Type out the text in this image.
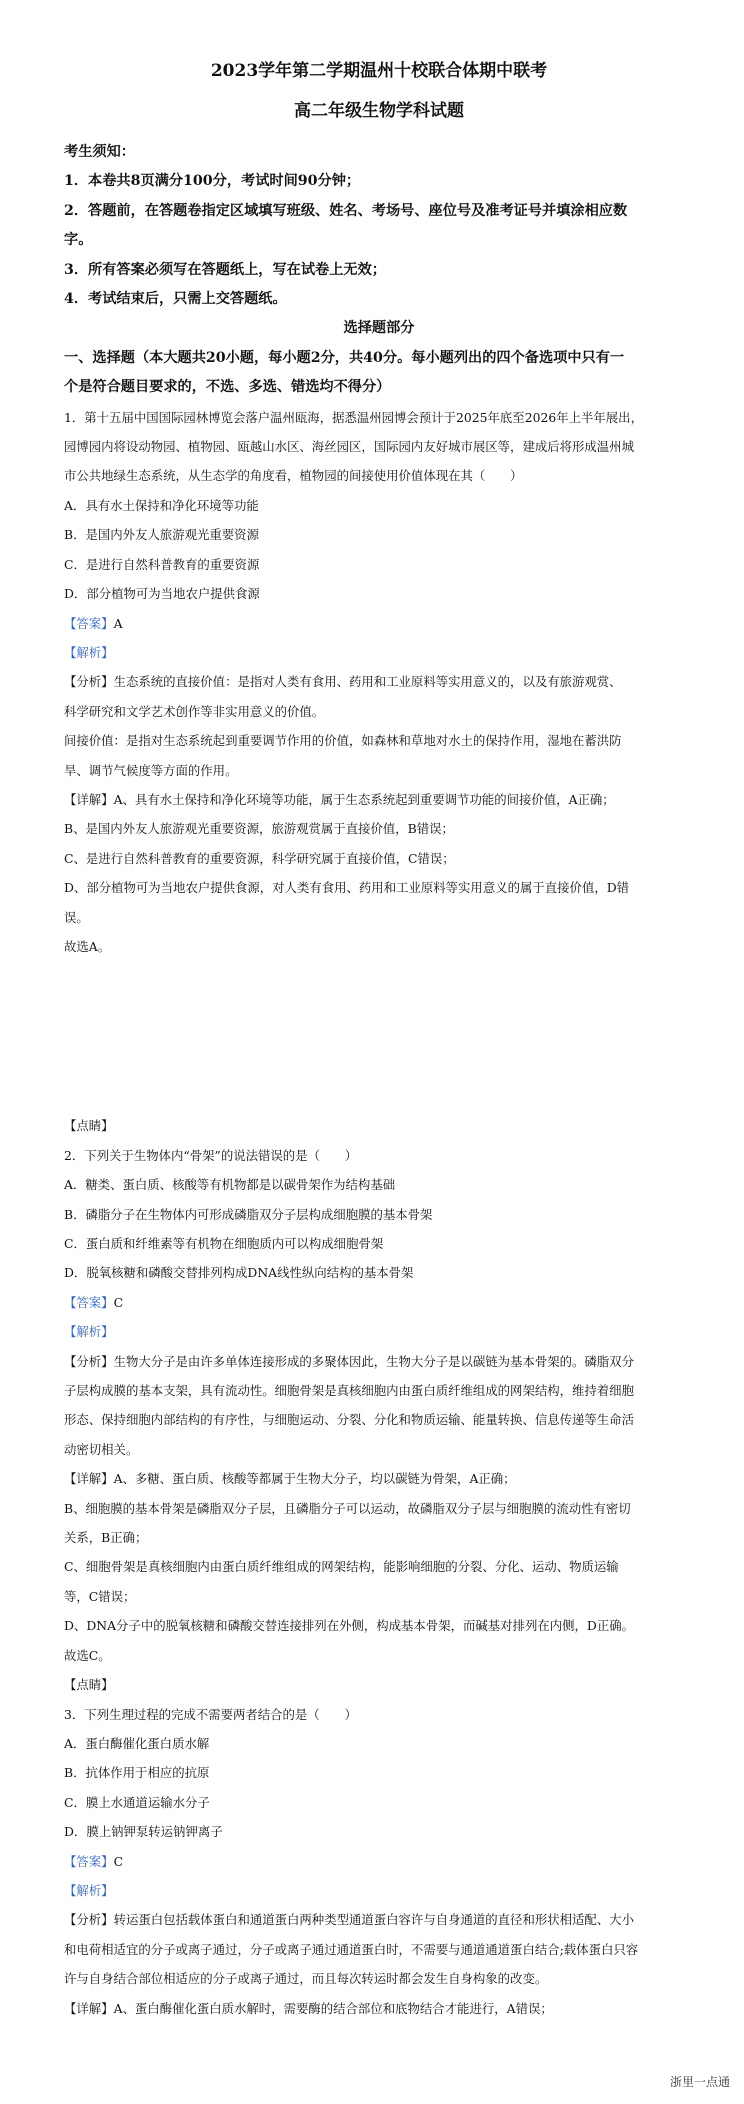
2023学年第二学期温州十校联合体期中联考
高二年级生物学科试题

考生须知：

1．本卷共8页满分100分，考试时间90分钟；

2．答题前，在答题卷指定区域填写班级、姓名、考场号、座位号及准考证号并填涂相应数

字。

3．所有答案必须写在答题纸上，写在试卷上无效；

4．考试结束后，只需上交答题纸。

选择题部分

一、选择题（本大题共20小题，每小题2分，共40分。每小题列出的四个备选项中只有一

个是符合题目要求的，不选、多选、错选均不得分）

1．第十五届中国国际园林博览会落户温州瓯海，据悉温州园博会预计于2025年底至2026年上半年展出，

园博园内将设动物园、植物园、瓯越山水区、海丝园区，国际园内友好城市展区等，建成后将形成温州城

市公共地绿生态系统，从生态学的角度看，植物园的间接使用价值体现在其（　　）

A．具有水土保持和净化环境等功能

B．是国内外友人旅游观光重要资源

C．是进行自然科普教育的重要资源

D．部分植物可为当地农户提供食源

【答案】A

【解析】

【分析】生态系统的直接价值：是指对人类有食用、药用和工业原料等实用意义的，以及有旅游观赏、

科学研究和文学艺术创作等非实用意义的价值。

间接价值：是指对生态系统起到重要调节作用的价值，如森林和草地对水土的保持作用，湿地在蓄洪防

旱、调节气候度等方面的作用。

【详解】A、具有水土保持和净化环境等功能，属于生态系统起到重要调节功能的间接价值，A正确；

B、是国内外友人旅游观光重要资源，旅游观赏属于直接价值，B错误；

C、是进行自然科普教育的重要资源，科学研究属于直接价值，C错误；

D、部分植物可为当地农户提供食源，对人类有食用、药用和工业原料等实用意义的属于直接价值，D错

误。

故选A。

【点睛】

2．下列关于生物体内“骨架”的说法错误的是（　　）

A．糖类、蛋白质、核酸等有机物都是以碳骨架作为结构基础

B．磷脂分子在生物体内可形成磷脂双分子层构成细胞膜的基本骨架

C．蛋白质和纤维素等有机物在细胞质内可以构成细胞骨架

D．脱氧核糖和磷酸交替排列构成DNA线性纵向结构的基本骨架

【答案】C

【解析】

【分析】生物大分子是由许多单体连接形成的多聚体因此，生物大分子是以碳链为基本骨架的。磷脂双分

子层构成膜的基本支架，具有流动性。细胞骨架是真核细胞内由蛋白质纤维组成的网架结构，维持着细胞

形态、保持细胞内部结构的有序性，与细胞运动、分裂、分化和物质运输、能量转换、信息传递等生命活

动密切相关。

【详解】A、多糖、蛋白质、核酸等都属于生物大分子，均以碳链为骨架，A正确；

B、细胞膜的基本骨架是磷脂双分子层，且磷脂分子可以运动，故磷脂双分子层与细胞膜的流动性有密切

关系，B正确；

C、细胞骨架是真核细胞内由蛋白质纤维组成的网架结构，能影响细胞的分裂、分化、运动、物质运输

等，C错误；

D、DNA分子中的脱氧核糖和磷酸交替连接排列在外侧，构成基本骨架，而碱基对排列在内侧，D正确。

故选C。

【点睛】

3．下列生理过程的完成不需要两者结合的是（　　）

A．蛋白酶催化蛋白质水解

B．抗体作用于相应的抗原

C．膜上水通道运输水分子

D．膜上钠钾泵转运钠钾离子

【答案】C

【解析】

【分析】转运蛋白包括载体蛋白和通道蛋白两种类型通道蛋白容许与自身通道的直径和形状相适配、大小

和电荷相适宜的分子或离子通过，分子或离子通过通道蛋白时，不需要与通道通道蛋白结合;载体蛋白只容

许与自身结合部位相适应的分子或离子通过，而且每次转运时都会发生自身构象的改变。

【详解】A、蛋白酶催化蛋白质水解时，需要酶的结合部位和底物结合才能进行，A错误；

浙里一点通
